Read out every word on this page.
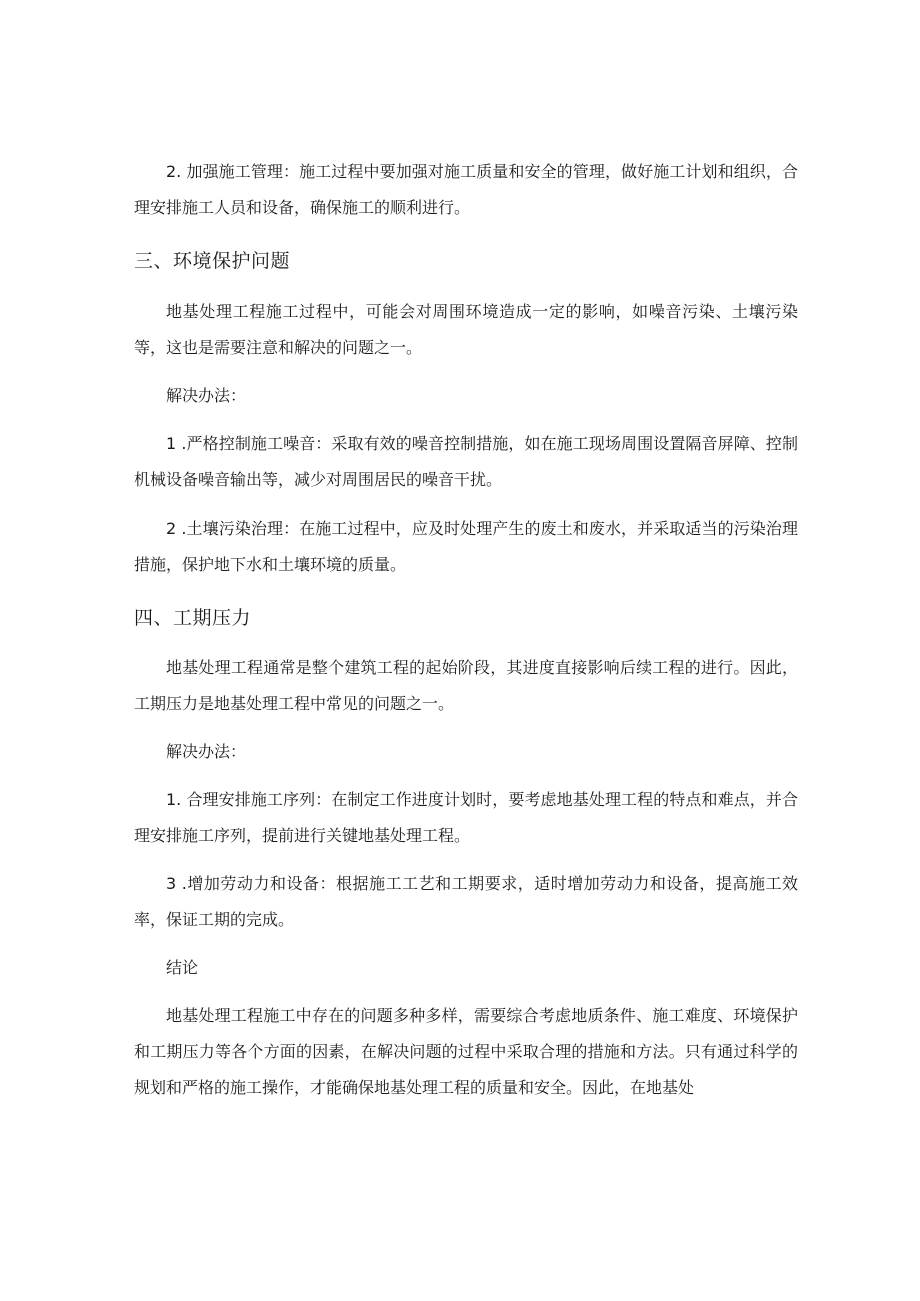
2. 加强施工管理：施工过程中要加强对施工质量和安全的管理，做好施工计划和组织，合理安排施工人员和设备，确保施工的顺利进行。

三、环境保护问题

地基处理工程施工过程中，可能会对周围环境造成一定的影响，如噪音污染、土壤污染等，这也是需要注意和解决的问题之一。

解决办法：

1 .严格控制施工噪音：采取有效的噪音控制措施，如在施工现场周围设置隔音屏障、控制机械设备噪音输出等，减少对周围居民的噪音干扰。

2 .土壤污染治理：在施工过程中，应及时处理产生的废土和废水，并采取适当的污染治理措施，保护地下水和土壤环境的质量。

四、工期压力

地基处理工程通常是整个建筑工程的起始阶段，其进度直接影响后续工程的进行。因此，工期压力是地基处理工程中常见的问题之一。

解决办法：

1. 合理安排施工序列：在制定工作进度计划时，要考虑地基处理工程的特点和难点，并合理安排施工序列，提前进行关键地基处理工程。

3 .增加劳动力和设备：根据施工工艺和工期要求，适时增加劳动力和设备，提高施工效率，保证工期的完成。

结论

地基处理工程施工中存在的问题多种多样，需要综合考虑地质条件、施工难度、环境保护和工期压力等各个方面的因素，在解决问题的过程中采取合理的措施和方法。只有通过科学的规划和严格的施工操作，才能确保地基处理工程的质量和安全。因此，在地基处
